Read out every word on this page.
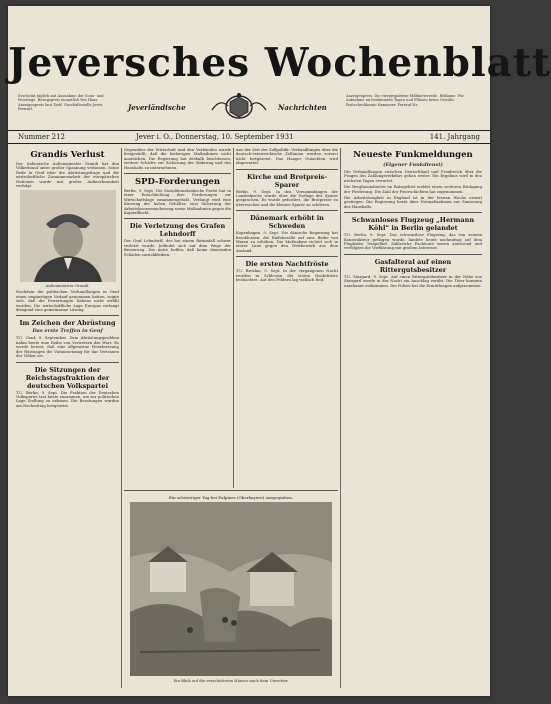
Jeversches Wochenblatt
Erscheint täglich mit Ausnahme der Sonn- und Feiertage. Bezugspreis monatlich frei Haus. Anzeigenpreis laut Tarif. Geschäftsstelle Jever, Fernruf.	Jeverländische	Nachrichten
Anzeigenpreis: Die viergespaltene Millimeterzeile, Reklame. Für Aufnahme an bestimmten Tagen und Plätzen keine Gewähr. Postscheckkonto Hannover. Fernruf Nr.
Nummer 212	Jever i. O., Donnerstag, 10. September 1931	141. Jahrgang
Grandis Verlust

Der italienische Außenminister Grandi hat den Völkerbund unter großer Spannung verlassen. Seine Rede in Genf über die Abrüstungsfrage und die wirtschaftliche Zusammenarbeit der europäischen Nationen wurde mit großer Aufmerksamkeit verfolgt.

Außenminister Grandi.

Nachdem die politischen Verhandlungen in Genf einen ungünstigen Verlauf genommen hatten, zeigte sich, daß die Erwartungen Italiens nicht erfüllt wurden. Die wirtschaftliche Lage Europas verlangt dringend eine gemeinsame Lösung.

Im Zeichen der Abrüstung
Das erste Treffen in Genf

T.U. Genf, 9. September. Zum Abrüstungsproblem nahm heute eine Reihe von Vertretern das Wort. Es wurde betont, daß eine allgemeine Herabsetzung der Rüstungen die Voraussetzung für das Vertrauen der Völker sei.

Die Sitzungen der Reichstagsfraktion der deutschen Volkspartei

T.U. Berlin, 9. Sept. Die Fraktion der Deutschen Volkspartei trat heute zusammen, um zur politischen Lage Stellung zu nehmen. Die Beratungen wurden am Nachmittag fortgesetzt.

Gegenüber der Wirtschaft und den Verbänden wurde festgestellt, daß die bisherigen Maßnahmen nicht ausreichen. Die Regierung hat deshalb beschlossen, weitere Schritte zur Sicherung der Währung und des Haushalts zu unternehmen.

SPD-Forderungen

Berlin, 9. Sept. Die Sozialdemokratische Partei hat in einer Entschließung ihre Forderungen zur Wirtschaftslage zusammengefaßt. Verlangt wird eine Kürzung der hohen Gehälter, eine Sicherung der Arbeitslosenversicherung sowie Maßnahmen gegen die Kapitalflucht.

Die Verletzung des Grafen Lehndorff

Der Graf Lehndorff, der bei einem Reitunfall schwer verletzt wurde, befindet sich auf dem Wege der Besserung. Die Ärzte hoffen, daß keine dauernden Schäden zurückbleiben.

Aus der Zeit der Zollpolitik: Verhandlungen über die deutsch-österreichische Zollunion werden vorerst nicht fortgesetzt. Das Haager Gutachten wird abgewartet.

Kirche und Brotpreis-Sparer

Berlin, 9. Sept. In den Versammlungen der Landeskirche wurde über die Notlage der Sparer gesprochen. Es wurde gefordert, die Brotpreise zu überwachen und die kleinen Sparer zu schützen.

Dänemark erhöht in Schweden

Kopenhagen, 9. Sept. Die dänische Regierung hat beschlossen, die Einfuhrzölle auf eine Reihe von Waren zu erhöhen. Die Maßnahme richtet sich in erster Linie gegen den Wettbewerb aus dem Ausland.

Die ersten Nachtfröste

T.U. Breslau, 9. Sept. In der vergangenen Nacht wurden in Schlesien die ersten Nachtfröste beobachtet. Auf den Feldern lag vielfach Reif.

Ein schwieriger Tag bei Fulpmes (Oberbayern) ausgegraben.
Ein Blick auf die verschütteten Häuser nach dem Unwetter.
Neueste Funkmeldungen
(Eigener Funkdienst)

Die Verhandlungen zwischen Deutschland und Frankreich über die Fragen des Zahlungsverkehrs gehen weiter. Ein Ergebnis wird in den nächsten Tagen erwartet.

Die Bergbauindustrie im Ruhrgebiet meldet einen weiteren Rückgang der Förderung. Die Zahl der Feierschichten hat zugenommen.

Die Arbeitslosigkeit in England ist in der letzten Woche erneut gestiegen. Die Regierung berät über Notmaßnahmen zur Sanierung des Haushalts.

Schwanloses Flugzeug „Hermann Köhl“ in Berlin gelandet

T.U. Berlin, 9. Sept. Das schwanzlose Flugzeug, das von seinem Konstrukteur geflogen wurde, landete heute nachmittag auf dem Flughafen Tempelhof. Zahlreiche Fachleute waren anwesend und verfolgten die Vorführung mit großem Interesse.

Gasfalteral auf einen Rittergutsbesitzer

T.U. Stargard, 9. Sept. Auf einen Rittergutsbesitzer in der Nähe von Stargard wurde in der Nacht ein Anschlag verübt. Die Täter konnten unerkannt entkommen. Die Polizei hat die Ermittlungen aufgenommen.
